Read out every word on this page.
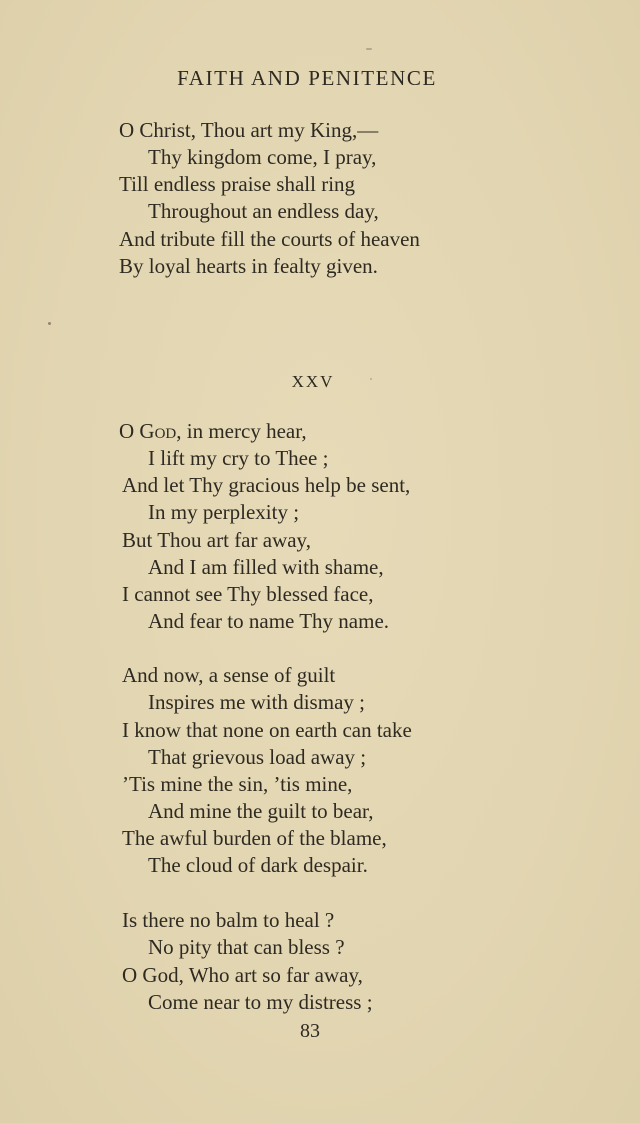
FAITH AND PENITENCE
O Christ, Thou art my King,—
Thy kingdom come, I pray,
Till endless praise shall ring
Throughout an endless day,
And tribute fill the courts of heaven
By loyal hearts in fealty given.
XXV
O God, in mercy hear,
I lift my cry to Thee ;
And let Thy gracious help be sent,
In my perplexity ;
But Thou art far away,
And I am filled with shame,
I cannot see Thy blessed face,
And fear to name Thy name.
And now, a sense of guilt
Inspires me with dismay ;
I know that none on earth can take
That grievous load away ;
’Tis mine the sin, ’tis mine,
And mine the guilt to bear,
The awful burden of the blame,
The cloud of dark despair.
Is there no balm to heal ?
No pity that can bless ?
O God, Who art so far away,
Come near to my distress ;
83
